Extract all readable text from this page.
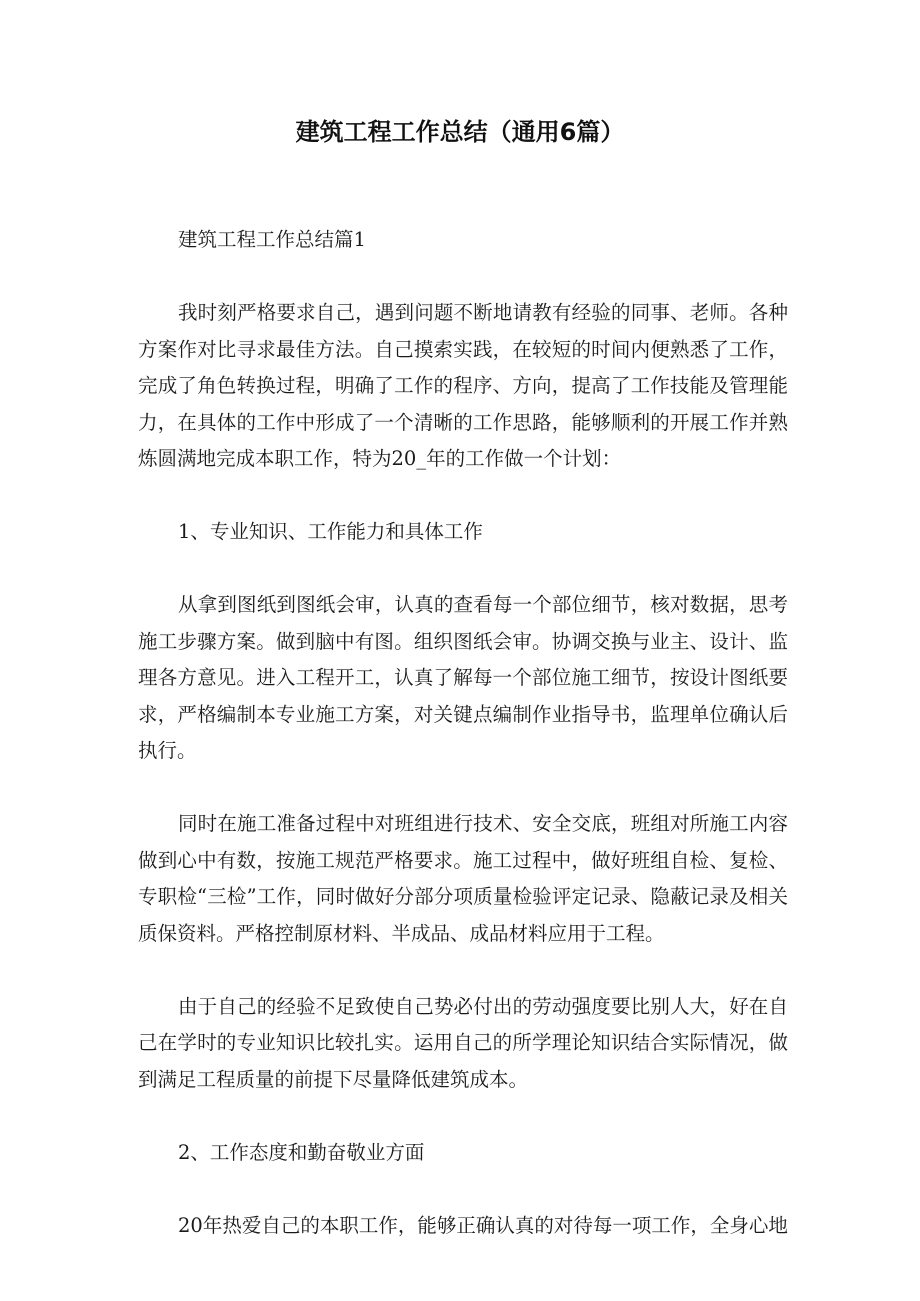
建筑工程工作总结（通用6篇）

建筑工程工作总结篇1

我时刻严格要求自己，遇到问题不断地请教有经验的同事、老师。各种方案作对比寻求最佳方法。自己摸索实践，在较短的时间内便熟悉了工作，完成了角色转换过程，明确了工作的程序、方向，提高了工作技能及管理能力，在具体的工作中形成了一个清晰的工作思路，能够顺利的开展工作并熟炼圆满地完成本职工作，特为20_年的工作做一个计划：

1、专业知识、工作能力和具体工作

从拿到图纸到图纸会审，认真的查看每一个部位细节，核对数据，思考施工步骤方案。做到脑中有图。组织图纸会审。协调交换与业主、设计、监理各方意见。进入工程开工，认真了解每一个部位施工细节，按设计图纸要求，严格编制本专业施工方案，对关键点编制作业指导书，监理单位确认后执行。

同时在施工准备过程中对班组进行技术、安全交底，班组对所施工内容做到心中有数，按施工规范严格要求。施工过程中，做好班组自检、复检、专职检“三检”工作，同时做好分部分项质量检验评定记录、隐蔽记录及相关质保资料。严格控制原材料、半成品、成品材料应用于工程。

由于自己的经验不足致使自己势必付出的劳动强度要比别人大，好在自己在学时的专业知识比较扎实。运用自己的所学理论知识结合实际情况，做到满足工程质量的前提下尽量降低建筑成本。

2、工作态度和勤奋敬业方面

20年热爱自己的本职工作，能够正确认真的对待每一项工作，全身心地
